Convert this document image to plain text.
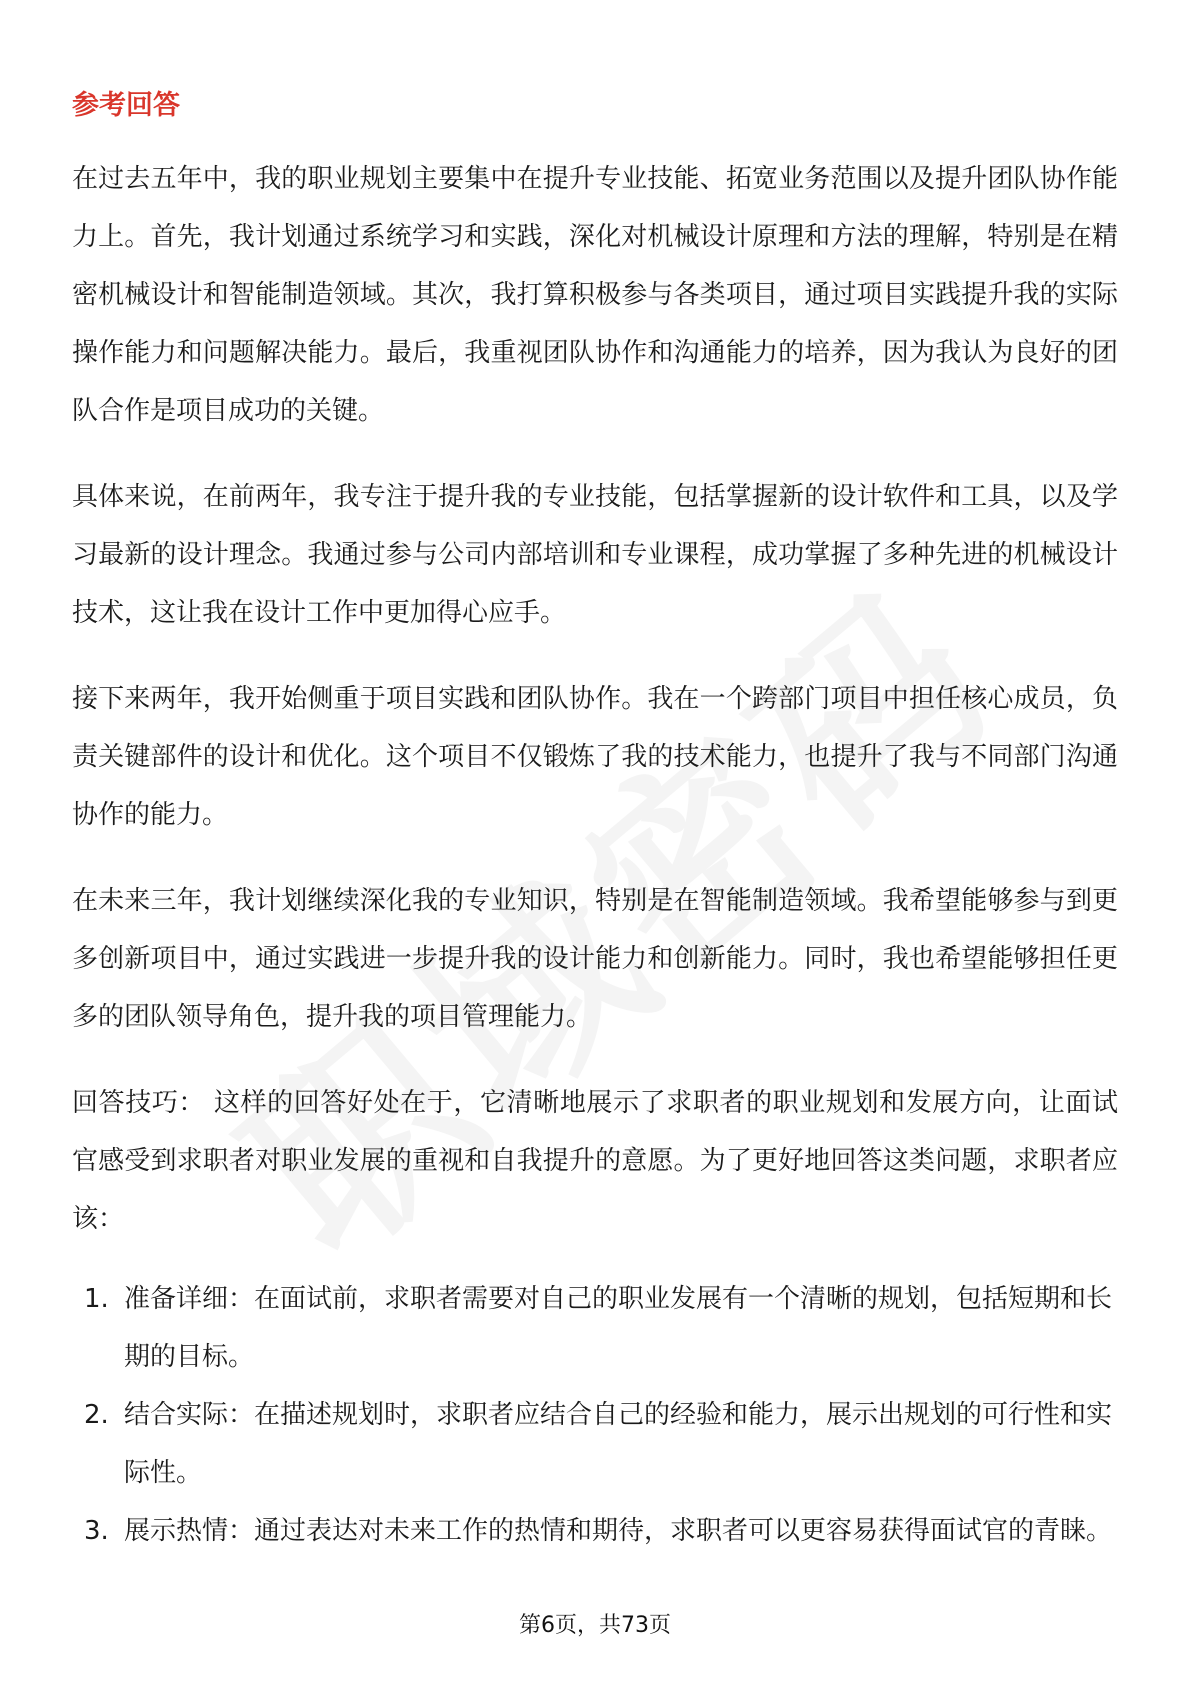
参考回答

在过去五年中，我的职业规划主要集中在提升专业技能、拓宽业务范围以及提升团队协作能力上。首先，我计划通过系统学习和实践，深化对机械设计原理和方法的理解，特别是在精密机械设计和智能制造领域。其次，我打算积极参与各类项目，通过项目实践提升我的实际操作能力和问题解决能力。最后，我重视团队协作和沟通能力的培养，因为我认为良好的团队合作是项目成功的关键。

具体来说，在前两年，我专注于提升我的专业技能，包括掌握新的设计软件和工具，以及学习最新的设计理念。我通过参与公司内部培训和专业课程，成功掌握了多种先进的机械设计技术，这让我在设计工作中更加得心应手。

接下来两年，我开始侧重于项目实践和团队协作。我在一个跨部门项目中担任核心成员，负责关键部件的设计和优化。这个项目不仅锻炼了我的技术能力，也提升了我与不同部门沟通协作的能力。

在未来三年，我计划继续深化我的专业知识，特别是在智能制造领域。我希望能够参与到更多创新项目中，通过实践进一步提升我的设计能力和创新能力。同时，我也希望能够担任更多的团队领导角色，提升我的项目管理能力。

回答技巧： 这样的回答好处在于，它清晰地展示了求职者的职业规划和发展方向，让面试官感受到求职者对职业发展的重视和自我提升的意愿。为了更好地回答这类问题，求职者应该：

1. 准备详细：在面试前，求职者需要对自己的职业发展有一个清晰的规划，包括短期和长期的目标。
2. 结合实际：在描述规划时，求职者应结合自己的经验和能力，展示出规划的可行性和实际性。
3. 展示热情：通过表达对未来工作的热情和期待，求职者可以更容易获得面试官的青睐。
第6页，共73页
